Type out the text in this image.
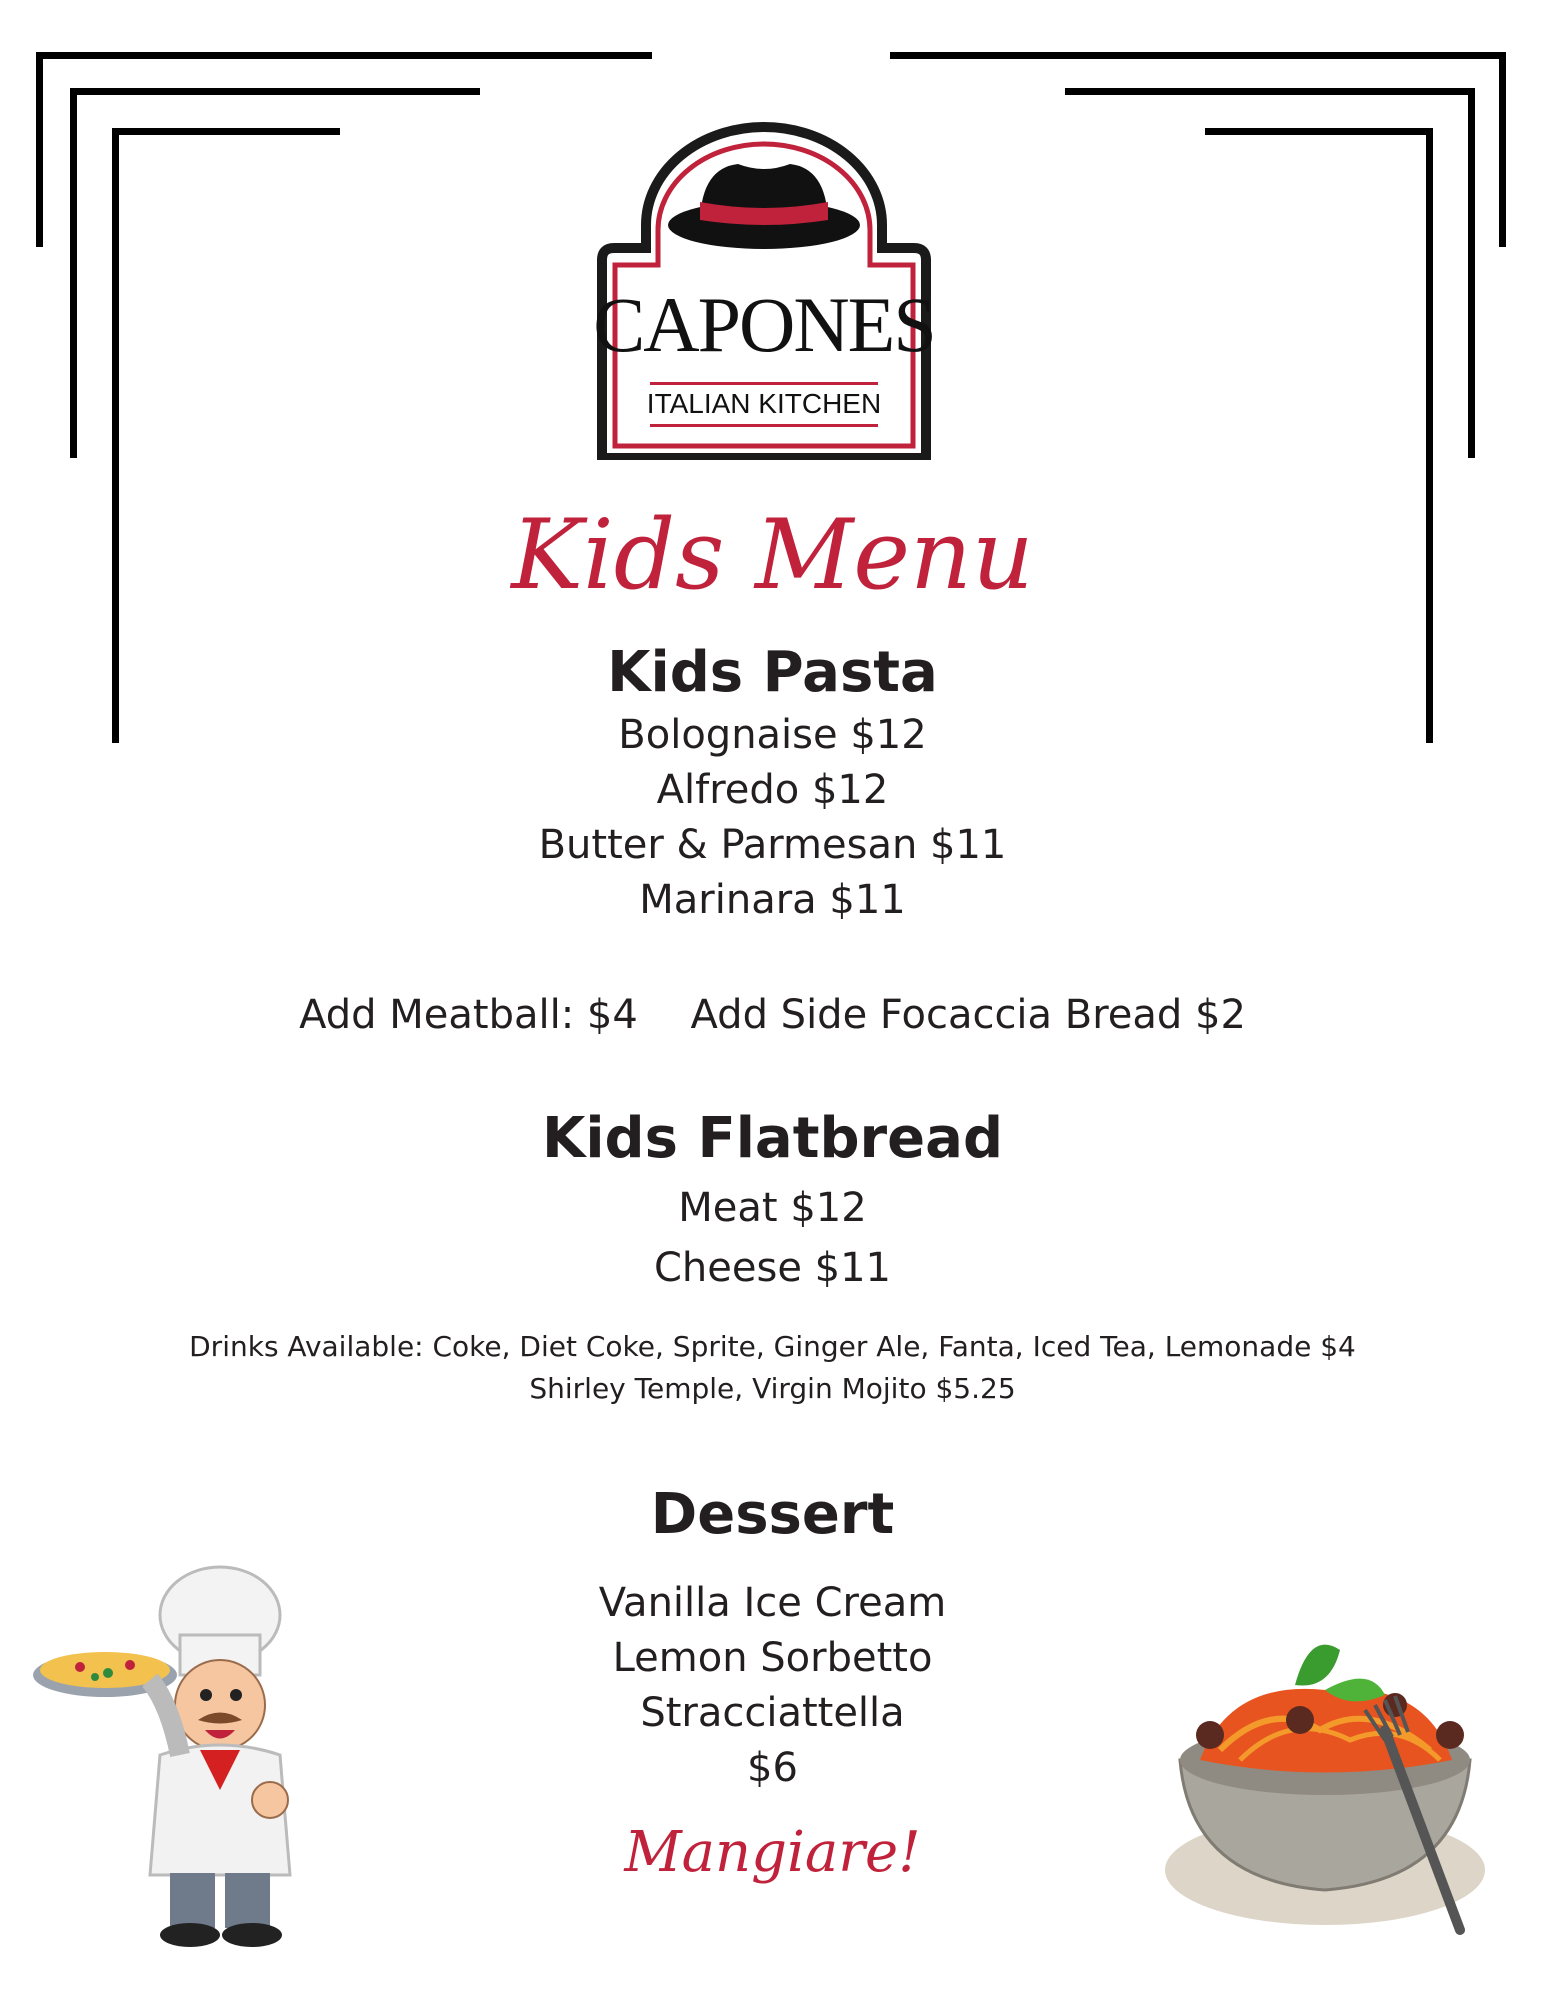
CAPONES
ITALIAN KITCHEN
Kids Menu
Kids Pasta
Bolognaise $12
Alfredo $12
Butter & Parmesan $11
Marinara $11
Add Meatball: $4 Add Side Focaccia Bread $2
Kids Flatbread
Meat $12
Cheese $11
Drinks Available: Coke, Diet Coke, Sprite, Ginger Ale, Fanta, Iced Tea, Lemonade $4
Shirley Temple, Virgin Mojito $5.25
Dessert
Vanilla Ice Cream
Lemon Sorbetto
Stracciattella
$6
Mangiare!
